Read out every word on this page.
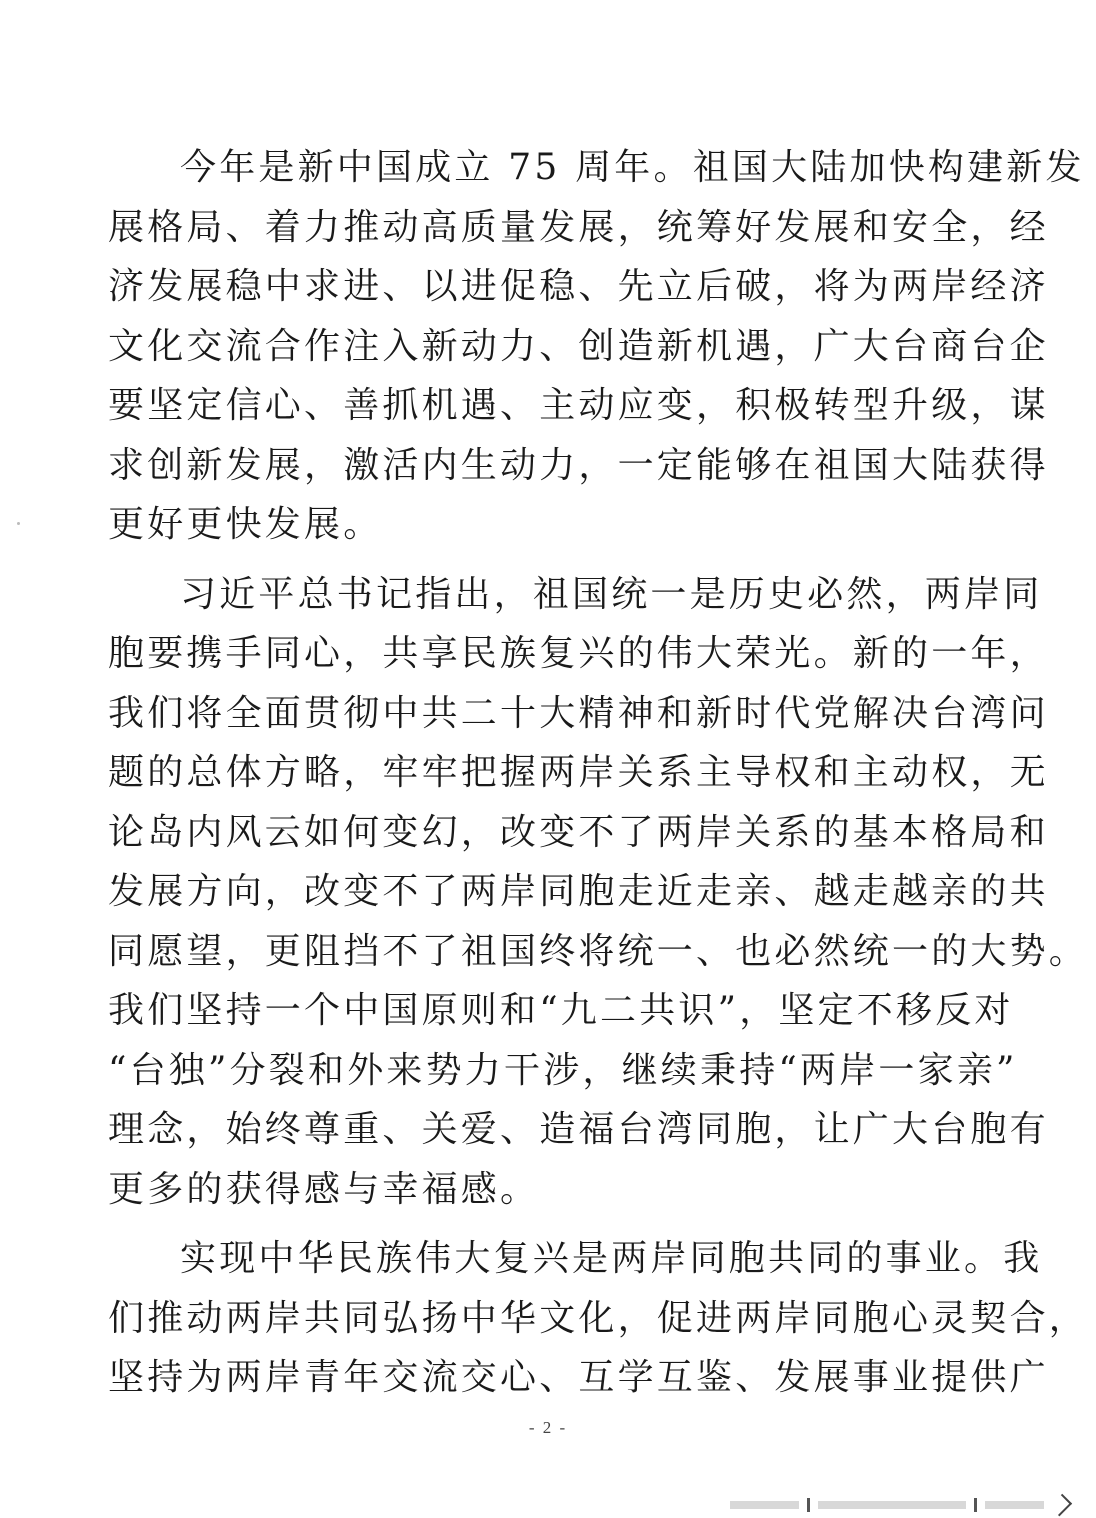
今年是新中国成立 75 周年。祖国大陆加快构建新发
展格局、着力推动高质量发展，统筹好发展和安全，经
济发展稳中求进、以进促稳、先立后破，将为两岸经济
文化交流合作注入新动力、创造新机遇，广大台商台企
要坚定信心、善抓机遇、主动应变，积极转型升级，谋
求创新发展，激活内生动力，一定能够在祖国大陆获得
更好更快发展。
习近平总书记指出，祖国统一是历史必然，两岸同
胞要携手同心，共享民族复兴的伟大荣光。新的一年，
我们将全面贯彻中共二十大精神和新时代党解决台湾问
题的总体方略，牢牢把握两岸关系主导权和主动权，无
论岛内风云如何变幻，改变不了两岸关系的基本格局和
发展方向，改变不了两岸同胞走近走亲、越走越亲的共
同愿望，更阻挡不了祖国终将统一、也必然统一的大势。
我们坚持一个中国原则和“九二共识”，坚定不移反对
“台独”分裂和外来势力干涉，继续秉持“两岸一家亲”
理念，始终尊重、关爱、造福台湾同胞，让广大台胞有
更多的获得感与幸福感。
实现中华民族伟大复兴是两岸同胞共同的事业。我
们推动两岸共同弘扬中华文化，促进两岸同胞心灵契合，
坚持为两岸青年交流交心、互学互鉴、发展事业提供广
- 2 -
